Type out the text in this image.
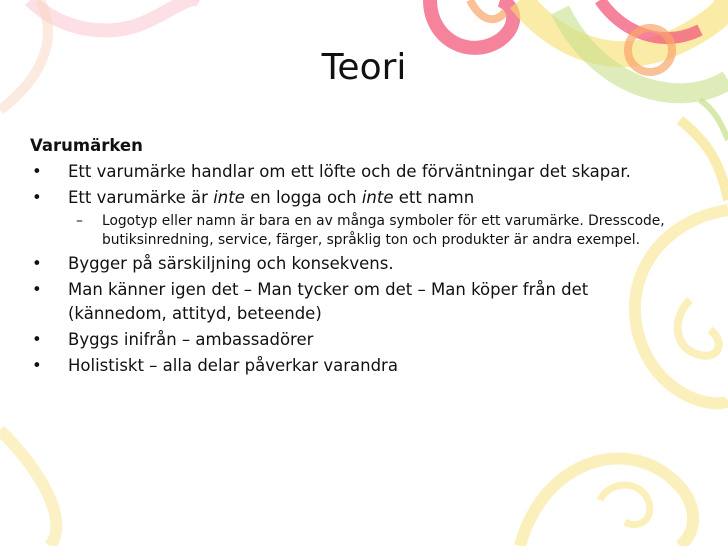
Teori
Varumärken
• Ett varumärke handlar om ett löfte och de förväntningar det skapar.
• Ett varumärke är inte en logga och inte ett namn
– Logotyp eller namn är bara en av många symboler för ett varumärke. Dresscode, butiksinredning, service, färger, språklig ton och produkter är andra exempel.
• Bygger på särskiljning och konsekvens.
• Man känner igen det – Man tycker om det – Man köper från det (kännedom, attityd, beteende)
• Byggs inifrån – ambassadörer
• Holistiskt – alla delar påverkar varandra
